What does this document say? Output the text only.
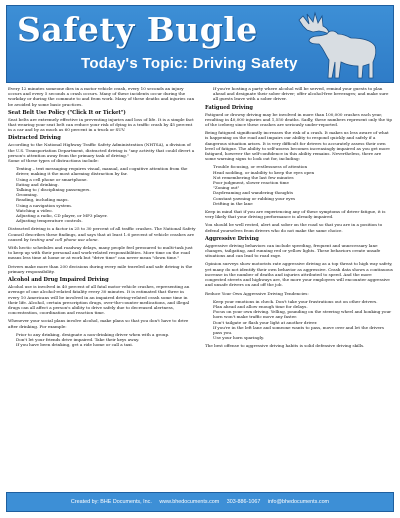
Safety Bugle
Today's Topic: Driving Safety

Every 12 minutes someone dies in a motor vehicle crash, every 10 seconds an injury occurs and every 5 seconds a crash occurs. Many of these incidents occur during the workday or during the commute to and from work. Many of these deaths and injuries can be avoided by some basic practices.

Seat Belt Use Policy ("Click It or Ticket")

Seat belts are extremely effective in preventing injuries and loss of life. It is a simple fact that wearing your seat belt can reduce your risk of dying in a traffic crash by 45 percent in a car and by as much as 60 percent in a truck or SUV.

Distracted Driving

According to the National Highway Traffic Safety Administration (NHTSA), a division of the U.S. Transportation Department, distracted driving is "any activity that could divert a person's attention away from the primary task of driving."
Some of these types of distractions include:

• Texting – text messaging requires visual, manual, and cognitive attention from the driver, making it the most alarming distraction by far.
• Using a cell phone or smartphone.
• Eating and drinking.
• Talking to / disciplining passengers.
• Grooming.
• Reading, including maps.
• Using a navigation system.
• Watching a video.
• Adjusting a radio, CD player, or MP3 player.
• Adjusting temperature controls.

Distracted driving is a factor in 25 to 30 percent of all traffic crashes. The National Safety Council describes these findings, and says that at least 1.6 percent of vehicle crashes are caused by texting and cell phone use alone.

With hectic schedules and roadway delays, many people feel pressured to multi-task just to keep up with their personal and work-related responsibilities. More time on the road means less time at home or at work but "drive time" can never mean "down time."

Drivers make more than 200 decisions during every mile traveled and safe driving is the primary responsibility.

Alcohol and Drug Impaired Driving

Alcohol use is involved in 40 percent of all fatal motor vehicle crashes, representing an average of one alcohol-related fatality every 30 minutes. It is estimated that three in every 10 Americans will be involved in an impaired driving-related crash some time in their life. Alcohol, certain prescription drugs, over-the-counter medications, and illegal drugs can all affect a person's ability to drive safely due to decreased alertness, concentration, coordination and reaction time.

Whenever your social plans involve alcohol, make plans so that you don't have to drive after drinking. For example:

• Prior to any drinking, designate a non-drinking driver when with a group.
• Don't let your friends drive impaired. Take their keys away.
• If you have been drinking, get a ride home or call a taxi.
• If you're hosting a party where alcohol will be served, remind your guests to plan ahead and designate their sober driver; offer alcohol-free beverages; and make sure all guests leave with a sober driver.
Fatigued Driving

Fatigued or drowsy driving may be involved in more than 100,000 crashes each year, resulting in 40,000 injuries and 1,550 deaths. Sadly, these numbers represent only the tip of the iceberg since these crashes are seriously under-reported.

Being fatigued significantly increases the risk of a crash. It makes us less aware of what is happening on the road and impairs our ability to respond quickly and safely if a dangerous situation arises. It is very difficult for drivers to accurately assess their own level of fatigue. The ability to self-assess becomes increasingly impaired as you get more fatigued, however the self-confidence in this ability remains. Nevertheless, there are some warning signs to look out for, including:

• Trouble focusing, or restlessness of attention
• Head nodding, or inability to keep the eyes open
• Not remembering the last few minutes
• Poor judgment, slower reaction time
• "Zoning out"
• Daydreaming and wandering thoughts
• Constant yawning or rubbing your eyes
• Drifting in the lane

Keep in mind that if you are experiencing any of these symptoms of driver fatigue, it is very likely that your driving performance is already impaired.

You should be well rested, alert and sober on the road so that you are in a position to defend yourselves from drivers who do not make the same choice.

Aggressive Driving

Aggressive driving behaviors can include speeding, frequent and unnecessary lane changes, tailgating, and running red or yellow lights. These behaviors create unsafe situations and can lead to road rage.

Opinion surveys show motorists rate aggressive driving as a top threat to high way safety, yet many do not identify their own behavior as aggressive. Crash data shows a continuous increase in the number of deaths and injuries attributed to speed. And the more congested streets and highways are, the more your employees will encounter aggressive and unsafe drivers on and off the job.

Reduce Your Own Aggressive Driving Tendencies:

• Keep your emotions in check. Don't take your frustrations out on other drivers.
• Plan ahead and allow enough time for delays.
• Focus on your own driving. Yelling, pounding on the steering wheel and honking your horn won't make traffic move any faster.
• Don't tailgate or flash your light at another driver.
• If you're in the left lane and someone wants to pass, move over and let the drivers pass you.
• Use your horn sparingly.

The best offense to aggressive driving habits is solid defensive driving skills.

Created by: BHE Documents, Inc. www.bhedocuments.com 303-886-1067 info@bhedocuments.com
